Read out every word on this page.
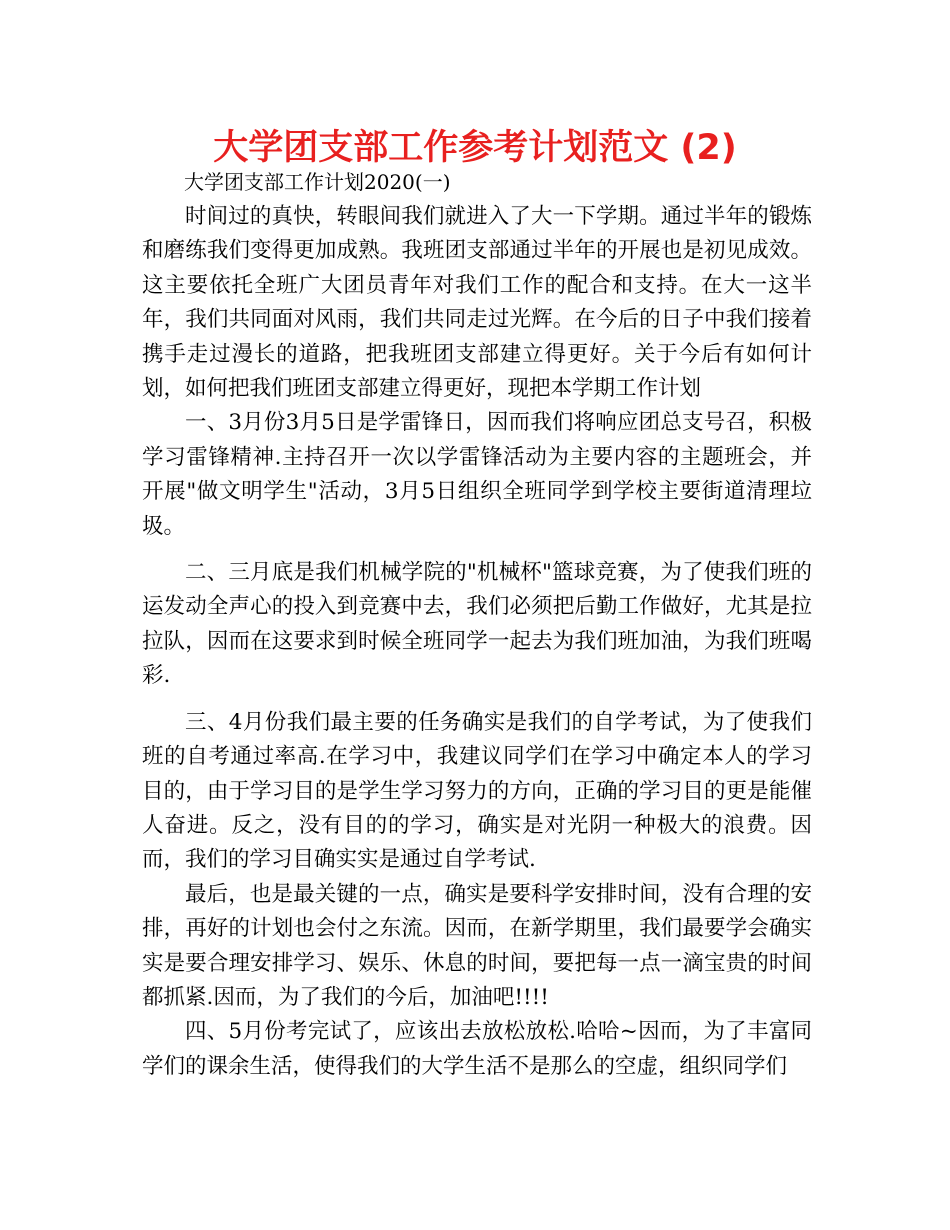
大学团支部工作参考计划范文 (2)
大学团支部工作计划2020(一)

时间过的真快，转眼间我们就进入了大一下学期。通过半年的锻炼和磨练我们变得更加成熟。我班团支部通过半年的开展也是初见成效。这主要依托全班广大团员青年对我们工作的配合和支持。在大一这半年，我们共同面对风雨，我们共同走过光辉。在今后的日子中我们接着携手走过漫长的道路，把我班团支部建立得更好。关于今后有如何计划，如何把我们班团支部建立得更好，现把本学期工作计划

一、3月份3月5日是学雷锋日，因而我们将响应团总支号召，积极学习雷锋精神.主持召开一次以学雷锋活动为主要内容的主题班会，并开展"做文明学生"活动，3月5日组织全班同学到学校主要街道清理垃圾。

二、三月底是我们机械学院的"机械杯"篮球竞赛，为了使我们班的运发动全声心的投入到竞赛中去，我们必须把后勤工作做好，尤其是拉拉队，因而在这要求到时候全班同学一起去为我们班加油，为我们班喝彩.

三、4月份我们最主要的任务确实是我们的自学考试，为了使我们班的自考通过率高.在学习中，我建议同学们在学习中确定本人的学习目的，由于学习目的是学生学习努力的方向，正确的学习目的更是能催人奋进。反之，没有目的的学习，确实是对光阴一种极大的浪费。因而，我们的学习目确实实是通过自学考试.

最后，也是最关键的一点，确实是要科学安排时间，没有合理的安排，再好的计划也会付之东流。因而，在新学期里，我们最要学会确实实是要合理安排学习、娱乐、休息的时间，要把每一点一滴宝贵的时间都抓紧.因而，为了我们的今后，加油吧!!!!

四、5月份考完试了，应该出去放松放松.哈哈~因而，为了丰富同学们的课余生活，使得我们的大学生活不是那么的空虚，组织同学们
